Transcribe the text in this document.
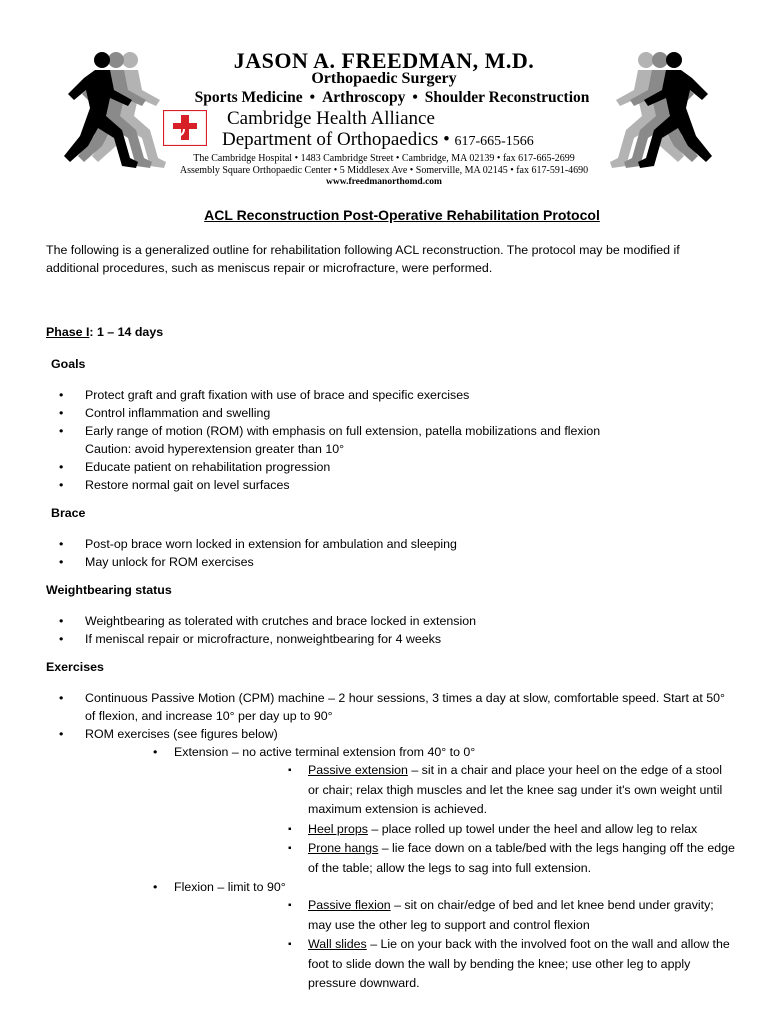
JASON A. FREEDMAN, M.D.
Orthopaedic Surgery
Sports Medicine • Arthroscopy • Shoulder Reconstruction
Cambridge Health Alliance
Department of Orthopaedics • 617-665-1566
The Cambridge Hospital • 1483 Cambridge Street • Cambridge, MA 02139 • fax 617-665-2699
Assembly Square Orthopaedic Center • 5 Middlesex Ave • Somerville, MA 02145 • fax 617-591-4690
www.freedmanorthomd.com
ACL Reconstruction Post-Operative Rehabilitation Protocol

The following is a generalized outline for rehabilitation following ACL reconstruction. The protocol may be modified if additional procedures, such as meniscus repair or microfracture, were performed.

Phase I: 1 – 14 days

Goals

• Protect graft and graft fixation with use of brace and specific exercises
• Control inflammation and swelling
• Early range of motion (ROM) with emphasis on full extension, patella mobilizations and flexion
Caution: avoid hyperextension greater than 10°
• Educate patient on rehabilitation progression
• Restore normal gait on level surfaces

Brace

• Post-op brace worn locked in extension for ambulation and sleeping
• May unlock for ROM exercises

Weightbearing status

• Weightbearing as tolerated with crutches and brace locked in extension
• If meniscal repair or microfracture, nonweightbearing for 4 weeks

Exercises

• Continuous Passive Motion (CPM) machine – 2 hour sessions, 3 times a day at slow, comfortable speed. Start at 50° of flexion, and increase 10° per day up to 90°
• ROM exercises (see figures below)
• Extension – no active terminal extension from 40° to 0°
▪ Passive extension – sit in a chair and place your heel on the edge of a stool or chair; relax thigh muscles and let the knee sag under it's own weight until maximum extension is achieved.
▪ Heel props – place rolled up towel under the heel and allow leg to relax
▪ Prone hangs – lie face down on a table/bed with the legs hanging off the edge of the table; allow the legs to sag into full extension.
• Flexion – limit to 90°
▪ Passive flexion – sit on chair/edge of bed and let knee bend under gravity; may use the other leg to support and control flexion
▪ Wall slides – Lie on your back with the involved foot on the wall and allow the foot to slide down the wall by bending the knee; use other leg to apply pressure downward.
